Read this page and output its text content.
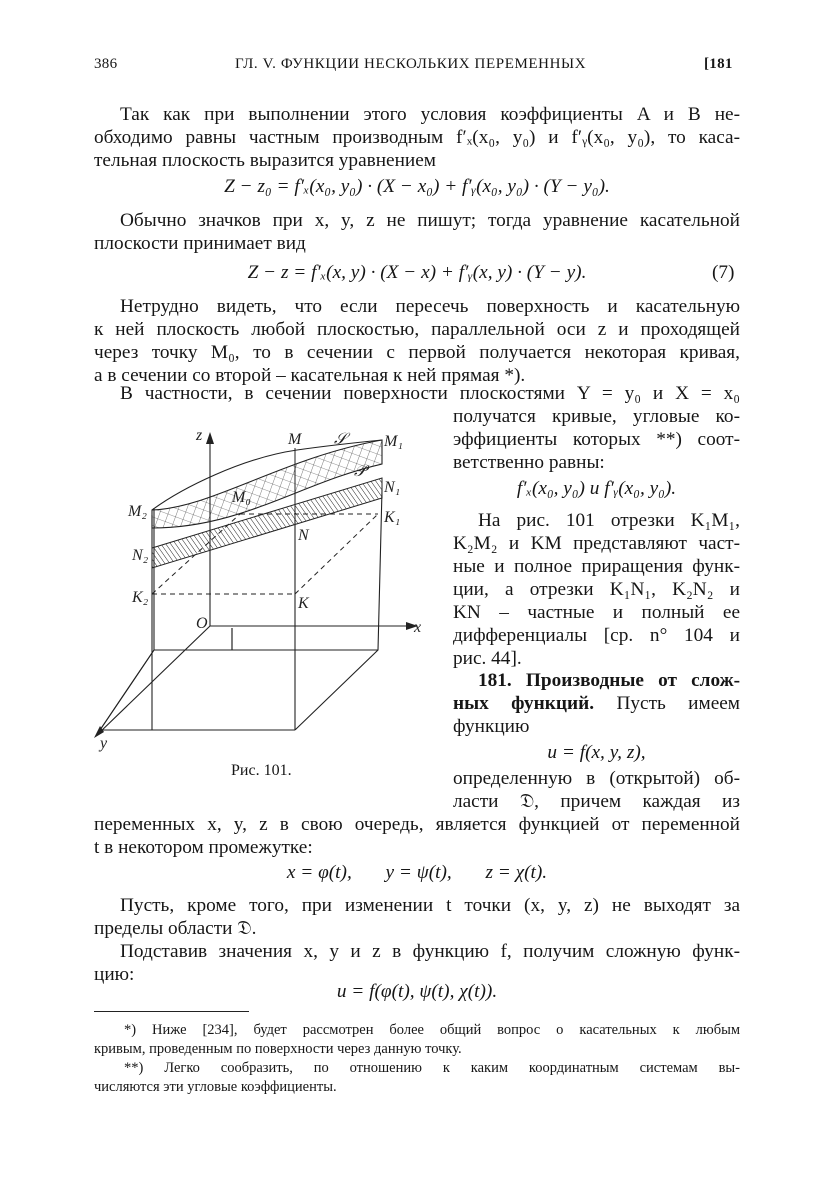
386	ГЛ. V. ФУНКЦИИ НЕСКОЛЬКИХ ПЕРЕМЕННЫХ	[181
Так как при выполнении этого условия коэффициенты A и B не-
обходимо равны частным производным f′ₓ(x₀, y₀) и f′ᵧ(x₀, y₀), то каса-
тельная плоскость выразится уравнением
Z − z₀ = f′ₓ(x₀, y₀) · (X − x₀) + f′ᵧ(x₀, y₀) · (Y − y₀).
Обычно значков при x, y, z не пишут; тогда уравнение касательной
плоскости принимает вид
Z − z = f′ₓ(x, y) · (X − x) + f′ᵧ(x, y) · (Y − y).	(7)
Нетрудно видеть, что если пересечь поверхность и касательную
к ней плоскость любой плоскостью, параллельной оси z и проходящей
через точку M₀, то в сечении с первой получается некоторая кривая,
а в сечении со второй – касательная к ней прямая *).
В частности, в сечении поверхности плоскостями Y = y₀ и X = x₀
получатся кривые, угловые ко-
эффициенты которых **) соот-
ветственно равны:
f′ₓ(x₀, y₀) и f′ᵧ(x₀, y₀).
На рис. 101 отрезки K₁M₁,
K₂M₂ и KM представляют част-
ные и полное приращения функ-
ции, а отрезки K₁N₁, K₂N₂ и
KN – частные и полный ее
дифференциалы [ср. n° 104 и
рис. 44].
181. Производные от слож-
ных функций. Пусть имеем
функцию
u = f(x, y, z),
определенную в (открытой) об-
ласти 𝔇, причем каждая из
переменных x, y, z в свою очередь, является функцией от переменной
t в некотором промежутке:
x = φ(t),       y = ψ(t),       z = χ(t).
Пусть, кроме того, при изменении t точки (x, y, z) не выходят за
пределы области 𝔇.
Подставив значения x, y и z в функцию f, получим сложную функ-
цию:
u = f(φ(t), ψ(t), χ(t)).
*) Ниже [234], будет рассмотрен более общий вопрос о касательных к любым
кривым, проведенным по поверхности через данную точку.
**) Легко сообразить, по отношению к каким координатным системам вы-
числяются эти угловые коэффициенты.
z
x
y
O
M	M₁
M₂
M₀
N
N₁
N₂
K
K₁
K₂
𝒮
𝒫
Рис. 101.
